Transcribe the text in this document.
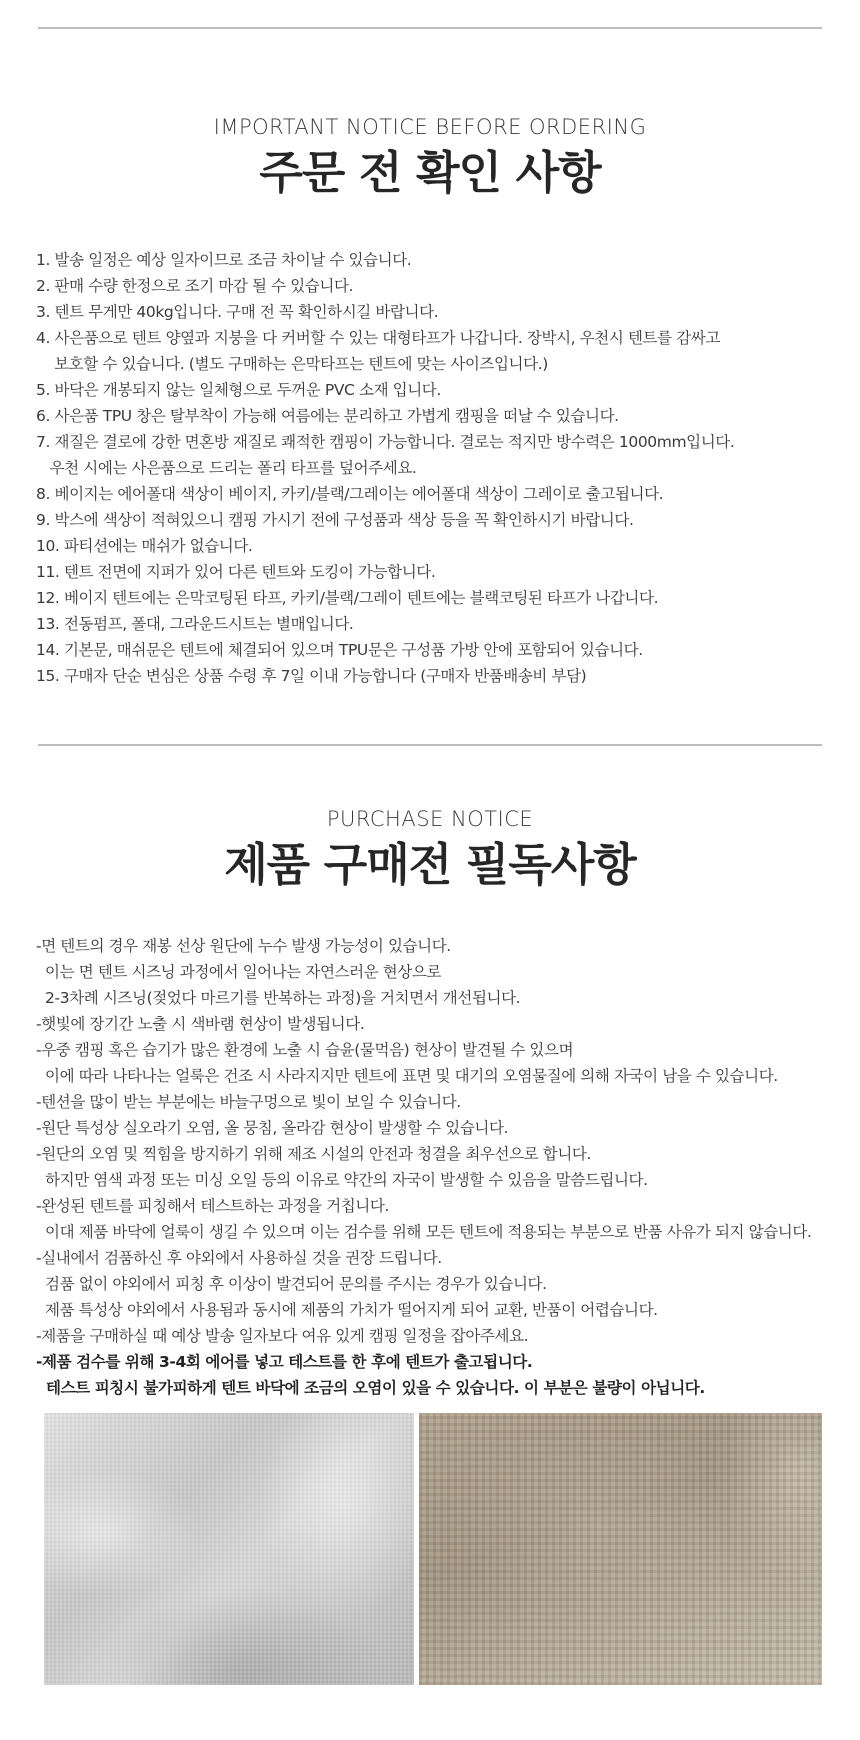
IMPORTANT NOTICE BEFORE ORDERING
주문 전 확인 사항
1. 발송 일정은 예상 일자이므로 조금 차이날 수 있습니다.
2. 판매 수량 한정으로 조기 마감 될 수 있습니다.
3. 텐트 무게만 40kg입니다. 구매 전 꼭 확인하시길 바랍니다.
4. 사은품으로 텐트 양옆과 지붕을 다 커버할 수 있는 대형타프가 나갑니다. 장박시, 우천시 텐트를 감싸고
보호할 수 있습니다. (별도 구매하는 은막타프는 텐트에 맞는 사이즈입니다.)
5. 바닥은 개봉되지 않는 일체형으로 두꺼운 PVC 소재 입니다.
6. 사은품 TPU 창은 탈부착이 가능해 여름에는 분리하고 가볍게 캠핑을 떠날 수 있습니다.
7. 재질은 결로에 강한 면혼방 재질로 쾌적한 캠핑이 가능합니다. 결로는 적지만 방수력은 1000mm입니다.
우천 시에는 사은품으로 드리는 폴리 타프를 덮어주세요.
8. 베이지는 에어폴대 색상이 베이지, 카키/블랙/그레이는 에어폴대 색상이 그레이로 출고됩니다.
9. 박스에 색상이 적혀있으니 캠핑 가시기 전에 구성품과 색상 등을 꼭 확인하시기 바랍니다.
10. 파티션에는 매쉬가 없습니다.
11. 텐트 전면에 지퍼가 있어 다른 텐트와 도킹이 가능합니다.
12. 베이지 텐트에는 은막코팅된 타프, 카키/블랙/그레이 텐트에는 블랙코팅된 타프가 나갑니다.
13. 전동펌프, 폴대, 그라운드시트는 별매입니다.
14. 기본문, 매쉬문은 텐트에 체결되어 있으며 TPU문은 구성품 가방 안에 포함되어 있습니다.
15. 구매자 단순 변심은 상품 수령 후 7일 이내 가능합니다 (구매자 반품배송비 부담)
PURCHASE NOTICE
제품 구매전 필독사항
-면 텐트의 경우 재봉 선상 원단에 누수 발생 가능성이 있습니다.
이는 면 텐트 시즈닝 과정에서 일어나는 자연스러운 현상으로
2-3차례 시즈닝(젖었다 마르기를 반복하는 과정)을 거치면서 개선됩니다.
-햇빛에 장기간 노출 시 색바램 현상이 발생됩니다.
-우중 캠핑 혹은 습기가 많은 환경에 노출 시 습윤(물먹음) 현상이 발견될 수 있으며
이에 따라 나타나는 얼룩은 건조 시 사라지지만 텐트에 표면 및 대기의 오염물질에 의해 자국이 남을 수 있습니다.
-텐션을 많이 받는 부분에는 바늘구멍으로 빛이 보일 수 있습니다.
-원단 특성상 실오라기 오염, 올 뭉침, 올라감 현상이 발생할 수 있습니다.
-원단의 오염 및 찍힘을 방지하기 위해 제조 시설의 안전과 청결을 최우선으로 합니다.
하지만 염색 과정 또는 미싱 오일 등의 이유로 약간의 자국이 발생할 수 있음을 말씀드립니다.
-완성된 텐트를 피칭해서 테스트하는 과정을 거칩니다.
이대 제품 바닥에 얼룩이 생길 수 있으며 이는 검수를 위해 모든 텐트에 적용되는 부분으로 반품 사유가 되지 않습니다.
-실내에서 검품하신 후 야외에서 사용하실 것을 권장 드립니다.
검품 없이 야외에서 피칭 후 이상이 발견되어 문의를 주시는 경우가 있습니다.
제품 특성상 야외에서 사용됨과 동시에 제품의 가치가 떨어지게 되어 교환, 반품이 어렵습니다.
-제품을 구매하실 때 예상 발송 일자보다 여유 있게 캠핑 일정을 잡아주세요.
-제품 검수를 위해 3-4회 에어를 넣고 테스트를 한 후에 텐트가 출고됩니다.
테스트 피칭시 불가피하게 텐트 바닥에 조금의 오염이 있을 수 있습니다. 이 부분은 불량이 아닙니다.
